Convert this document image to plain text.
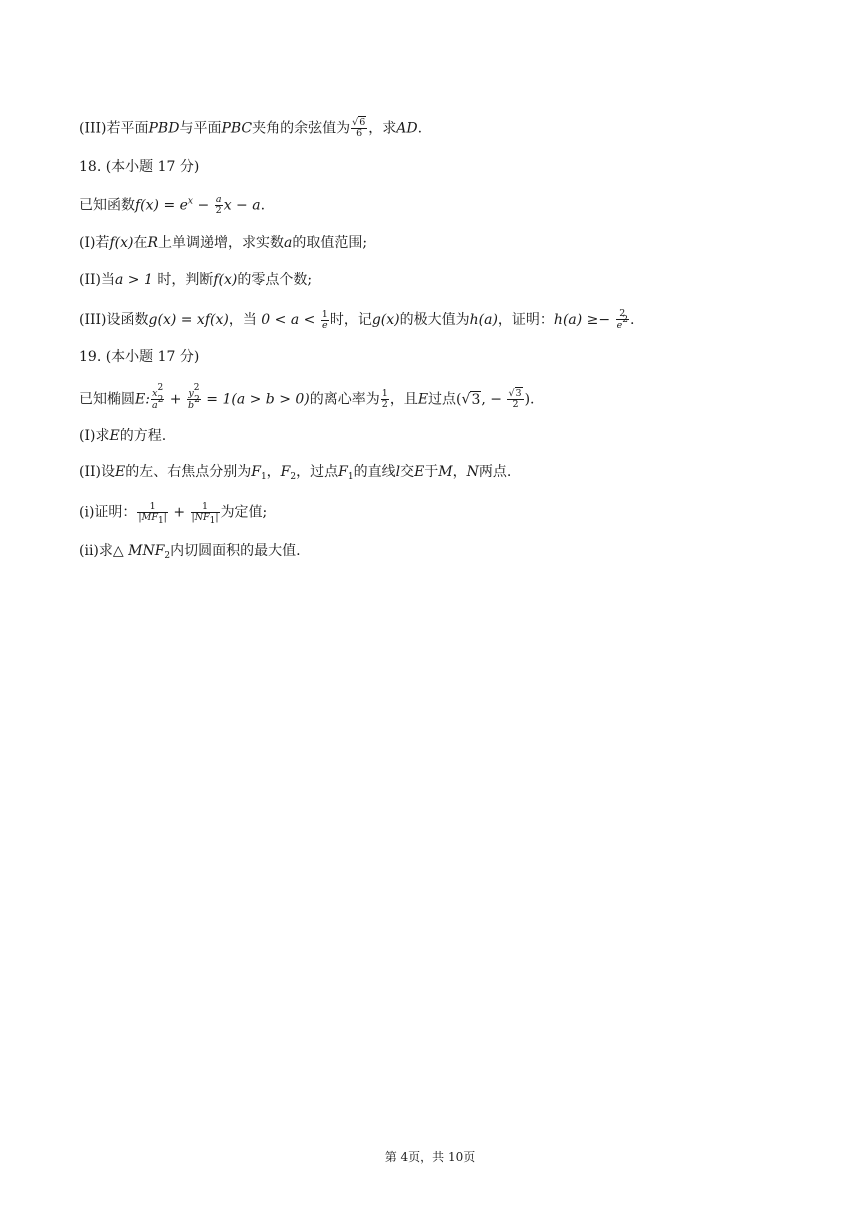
(III)若平面PBD与平面PBC夹角的余弦值为 $\frac{√6}{6}$ ，求AD.
18. (本小题 17 分)
已知函数$f(x) = e^x - \frac{a}{2}$ x − a.
(I)若f(x)在R上单调递增，求实数a的取值范围;
(II)当a > 1 时，判断f(x)的零点个数;
(III)设函数g(x) = xf(x)，当 $0 < a < \frac{1}{e}$ 时，记g(x)的极大值为h(a)，证明：$h(a) \ge- \frac{2}{e^2}$ .
19. (本小题 17 分)
已知椭圆E: $\frac{x^2}{a^2} + \frac{y^2}{b^2} = 1(a > b > 0)$的离心率为 $\frac{1}{2}$ ，且E过点(√3, − $\frac{√3}{2}$ ).
(I)求E的方程.
(II)设E的左、右焦点分别为$F_1$，$F_2$，过点$F_1$的直线l交E于M，N两点.
(i)证明： $\frac{1}{|MF_1|} + \frac{1}{|NF_1|}$ 为定值;
(ii)求△ $MNF_2$内切圆面积的最大值.
第 4页，共 10页
